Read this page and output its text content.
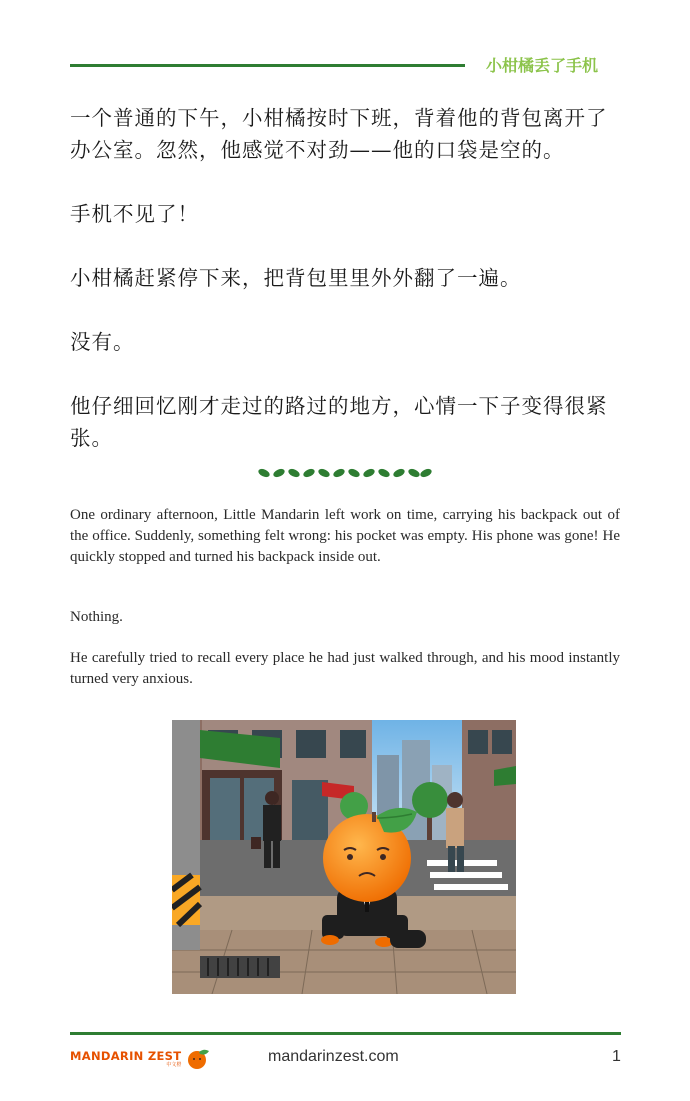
小柑橘丢了手机

一个普通的下午，小柑橘按时下班，背着他的背包离开了办公室。忽然，他感觉不对劲——他的口袋是空的。

手机不见了！

小柑橘赶紧停下来，把背包里里外外翻了一遍。

没有。

他仔细回忆刚才走过的路过的地方，心情一下子变得很紧张。

One ordinary afternoon, Little Mandarin left work on time, carrying his backpack out of the office. Suddenly, something felt wrong: his pocket was empty. His phone was gone! He quickly stopped and turned his backpack inside out.

Nothing.

He carefully tried to recall every place he had just walked through, and his mood instantly turned very anxious.

MANDARIN ZEST
中文橙	mandarinzest.com	1
